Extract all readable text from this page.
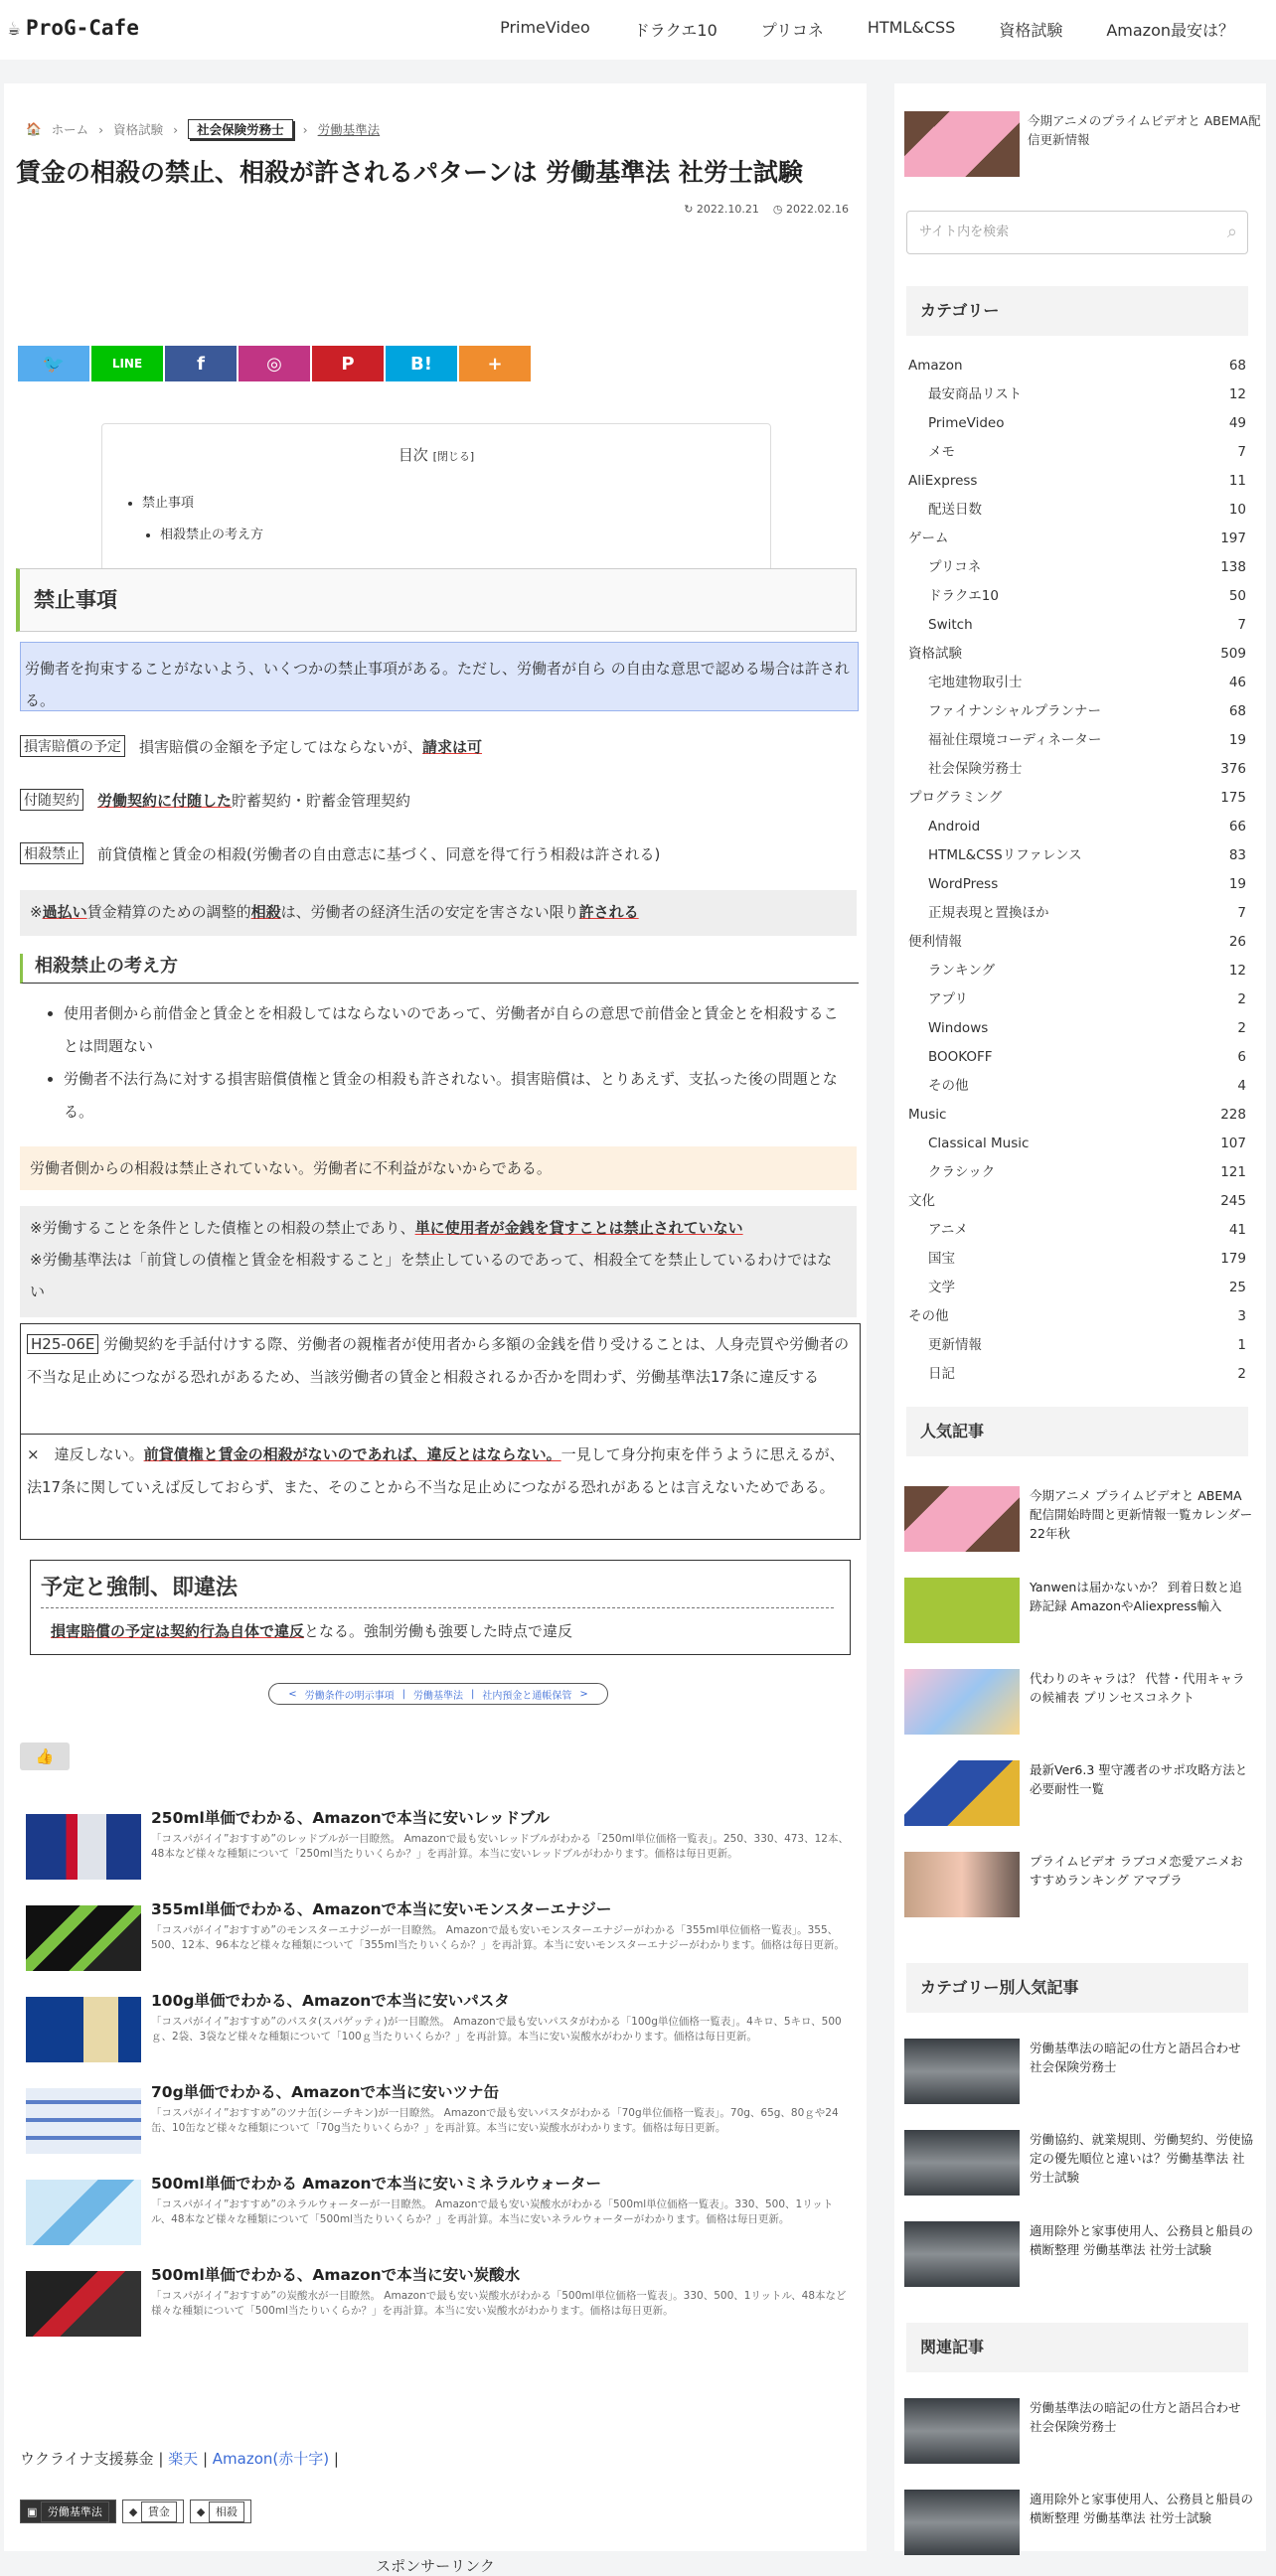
☕ ProG-Cafe	PrimeVideo	ドラクエ10	プリコネ	HTML&CSS	資格試験	Amazon最安は？
🏠 ホーム › 資格試験 ›	社会保険労務士	› 労働基準法
賃金の相殺の禁止、相殺が許されるパターンは 労働基準法 社労士試験
↻ 2022.10.21 ◷ 2022.02.16
🐦	LINE	f	◎	P	B!	+
目次 [閉じる]
• 禁止事項
• 相殺禁止の考え方
禁止事項
労働者を拘束することがないよう、いくつかの禁止事項がある。ただし、労働者が自ら の自由な意思で認める場合は許される。
損害賠償の予定 損害賠償の金額を予定してはならないが、請求は可
付随契約 労働契約に付随した貯蓄契約・貯蓄金管理契約
相殺禁止 前貸債権と賃金の相殺(労働者の自由意志に基づく、同意を得て行う相殺は許される)
※過払い賃金精算のための調整的相殺は、労働者の経済生活の安定を害さない限り許される
相殺禁止の考え方
• 使用者側から前借金と賃金とを相殺してはならないのであって、労働者が自らの意思で前借金と賃金とを相殺することは問題ない
• 労働者不法行為に対する損害賠償債権と賃金の相殺も許されない。損害賠償は、とりあえず、支払った後の問題となる。
労働者側からの相殺は禁止されていない。労働者に不利益がないからである。
※労働することを条件とした債権との相殺の禁止であり、単に使用者が金銭を貸すことは禁止されていない
※労働基準法は「前貸しの債権と賃金を相殺すること」を禁止しているのであって、相殺全てを禁止しているわけではない
H25-06E 労働契約を手話付けする際、労働者の親権者が使用者から多額の金銭を借り受けることは、人身売買や労働者の不当な足止めにつながる恐れがあるため、当該労働者の賃金と相殺されるか否かを問わず、労働基準法17条に違反する
×　 違反しない。前貸債権と賃金の相殺がないのであれば、違反とはならない。一見して身分拘束を伴うように思えるが、法17条に関していえば反しておらず、また、そのことから不当な足止めにつながる恐れがあるとは言えないためである。
予定と強制、即違法
損害賠償の予定は契約行為自体で違反となる。強制労働も強要した時点で違反
< 労働条件の明示事項 | 労働基準法 | 社内預金と通帳保管 >
👍
250ml単価でわかる、Amazonで本当に安いレッドブル
「コスパがイイ”おすすめ”のレッドブルが一目瞭然。 Amazonで最も安いレッドブルがわかる「250ml単位価格一覧表」。250、330、473、12本、48本など様々な種類について「250ml当たりいくらか？」を再計算。本当に安いレッドブルがわかります。価格は毎日更新。
355ml単価でわかる、Amazonで本当に安いモンスターエナジー
「コスパがイイ”おすすめ”のモンスターエナジーが一目瞭然。 Amazonで最も安いモンスターエナジーがわかる「355ml単位価格一覧表」。355、500、12本、96本など様々な種類について「355ml当たりいくらか？」を再計算。本当に安いモンスターエナジーがわかります。価格は毎日更新。
100g単価でわかる、Amazonで本当に安いパスタ
「コスパがイイ”おすすめ”のパスタ(スパゲッティ)が一目瞭然。 Amazonで最も安いパスタがわかる「100g単位価格一覧表」。4キロ、5キロ、500ｇ、2袋、3袋など様々な種類について「100ｇ当たりいくらか？」を再計算。本当に安い炭酸水がわかります。価格は毎日更新。
70g単価でわかる、Amazonで本当に安いツナ缶
「コスパがイイ”おすすめ”のツナ缶(シーチキン)が一目瞭然。 Amazonで最も安いパスタがわかる「70g単位価格一覧表」。70g、65g、80ｇや24缶、10缶など様々な種類について「70g当たりいくらか？」を再計算。本当に安い炭酸水がわかります。価格は毎日更新。
500ml単価でわかる Amazonで本当に安いミネラルウォーター
「コスパがイイ”おすすめ”のネラルウォーターが一目瞭然。 Amazonで最も安い炭酸水がわかる「500ml単位価格一覧表」。330、500、1リットル、48本など様々な種類について「500ml当たりいくらか？」を再計算。本当に安いネラルウォーターがわかります。価格は毎日更新。
500ml単価でわかる、Amazonで本当に安い炭酸水
「コスパがイイ”おすすめ”の炭酸水が一目瞭然。 Amazonで最も安い炭酸水がわかる「500ml単位価格一覧表」。330、500、1リットル、48本など様々な種類について「500ml当たりいくらか？」を再計算。本当に安い炭酸水がわかります。価格は毎日更新。
ウクライナ支援募金 | 楽天 | Amazon(赤十字) |
▣ 労働基準法	◆ 賃金	◆ 相殺
スポンサーリンク
今期アニメのプライムビデオと ABEMA配信更新情報
サイト内を検索	⌕
カテゴリー
Amazon	68
最安商品リスト	12
PrimeVideo	49
メモ	7
AliExpress	11
配送日数	10
ゲーム	197
プリコネ	138
ドラクエ10	50
Switch	7
資格試験	509
宅地建物取引士	46
ファイナンシャルプランナー	68
福祉住環境コーディネーター	19
社会保険労務士	376
プログラミング	175
Android	66
HTML&CSSリファレンス	83
WordPress	19
正規表現と置換ほか	7
便利情報	26
ランキング	12
アプリ	2
Windows	2
BOOKOFF	6
その他	4
Music	228
Classical Music	107
クラシック	121
文化	245
アニメ	41
国宝	179
文学	25
その他	3
更新情報	1
日記	2
人気記事
今期アニメ プライムビデオと ABEMA配信開始時間と更新情報一覧カレンダー 22年秋
Yanwenは届かないか？ 到着日数と追跡記録 AmazonやAliexpress輸入
代わりのキャラは？ 代替・代用キャラの候補表 プリンセスコネクト
最新Ver6.3 聖守護者のサポ攻略方法と必要耐性一覧
プライムビデオ ラブコメ恋愛アニメおすすめランキング アマプラ
カテゴリー別人気記事
労働基準法の暗記の仕方と語呂合わせ 社会保険労務士
労働協約、就業規則、労働契約、労使協定の優先順位と違いは？労働基準法 社労士試験
適用除外と家事使用人、公務員と船員の横断整理 労働基準法 社労士試験
関連記事
労働基準法の暗記の仕方と語呂合わせ 社会保険労務士
適用除外と家事使用人、公務員と船員の横断整理 労働基準法 社労士試験
